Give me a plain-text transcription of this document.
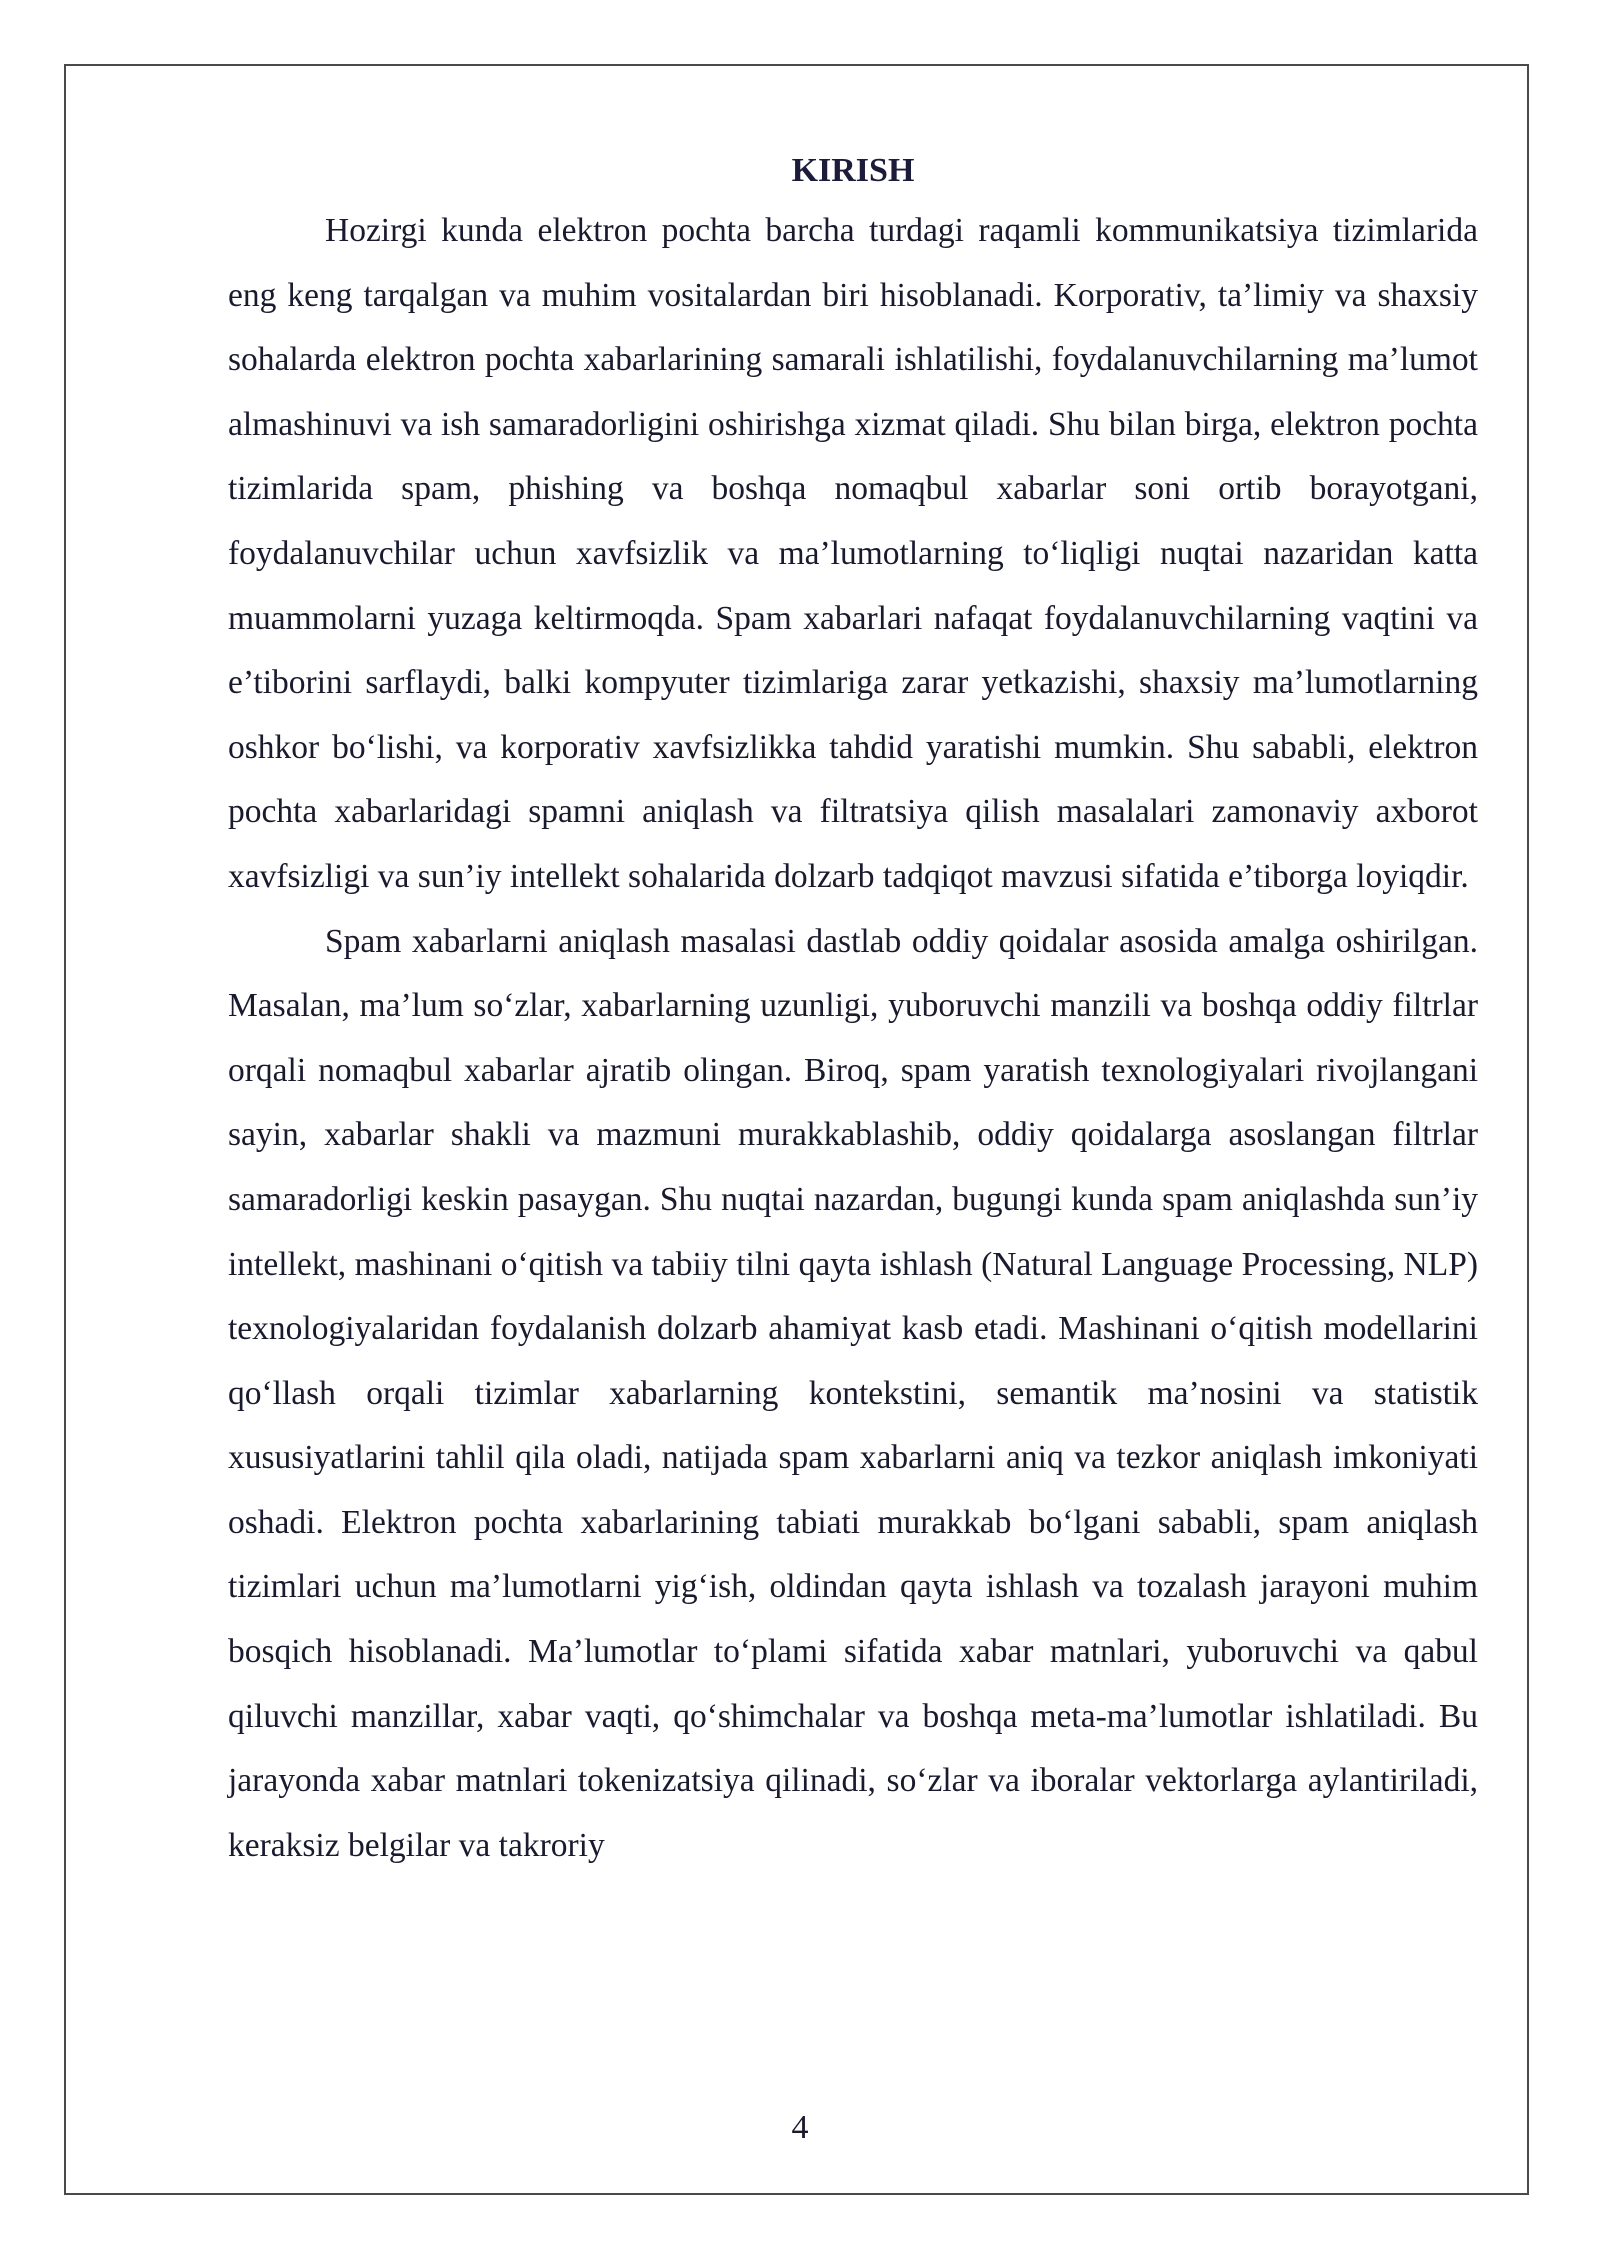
KIRISH

Hozirgi kunda elektron pochta barcha turdagi raqamli kommunikatsiya tizimlarida eng keng tarqalgan va muhim vositalardan biri hisoblanadi. Korporativ, ta’limiy va shaxsiy sohalarda elektron pochta xabarlarining samarali ishlatilishi, foydalanuvchilarning ma’lumot almashinuvi va ish samaradorligini oshirishga xizmat qiladi. Shu bilan birga, elektron pochta tizimlarida spam, phishing va boshqa nomaqbul xabarlar soni ortib borayotgani, foydalanuvchilar uchun xavfsizlik va ma’lumotlarning to‘liqligi nuqtai nazaridan katta muammolarni yuzaga keltirmoqda. Spam xabarlari nafaqat foydalanuvchilarning vaqtini va e’tiborini sarflaydi, balki kompyuter tizimlariga zarar yetkazishi, shaxsiy ma’lumotlarning oshkor bo‘lishi, va korporativ xavfsizlikka tahdid yaratishi mumkin. Shu sababli, elektron pochta xabarlaridagi spamni aniqlash va filtratsiya qilish masalalari zamonaviy axborot xavfsizligi va sun’iy intellekt sohalarida dolzarb tadqiqot mavzusi sifatida e’tiborga loyiqdir.

Spam xabarlarni aniqlash masalasi dastlab oddiy qoidalar asosida amalga oshirilgan. Masalan, ma’lum so‘zlar, xabarlarning uzunligi, yuboruvchi manzili va boshqa oddiy filtrlar orqali nomaqbul xabarlar ajratib olingan. Biroq, spam yaratish texnologiyalari rivojlangani sayin, xabarlar shakli va mazmuni murakkablashib, oddiy qoidalarga asoslangan filtrlar samaradorligi keskin pasaygan. Shu nuqtai nazardan, bugungi kunda spam aniqlashda sun’iy intellekt, mashinani o‘qitish va tabiiy tilni qayta ishlash (Natural Language Processing, NLP) texnologiyalaridan foydalanish dolzarb ahamiyat kasb etadi. Mashinani o‘qitish modellarini qo‘llash orqali tizimlar xabarlarning kontekstini, semantik ma’nosini va statistik xususiyatlarini tahlil qila oladi, natijada spam xabarlarni aniq va tezkor aniqlash imkoniyati oshadi. Elektron pochta xabarlarining tabiati murakkab bo‘lgani sababli, spam aniqlash tizimlari uchun ma’lumotlarni yig‘ish, oldindan qayta ishlash va tozalash jarayoni muhim bosqich hisoblanadi. Ma’lumotlar to‘plami sifatida xabar matnlari, yuboruvchi va qabul qiluvchi manzillar, xabar vaqti, qo‘shimchalar va boshqa meta-ma’lumotlar ishlatiladi. Bu jarayonda xabar matnlari tokenizatsiya qilinadi, so‘zlar va iboralar vektorlarga aylantiriladi, keraksiz belgilar va takroriy

4
